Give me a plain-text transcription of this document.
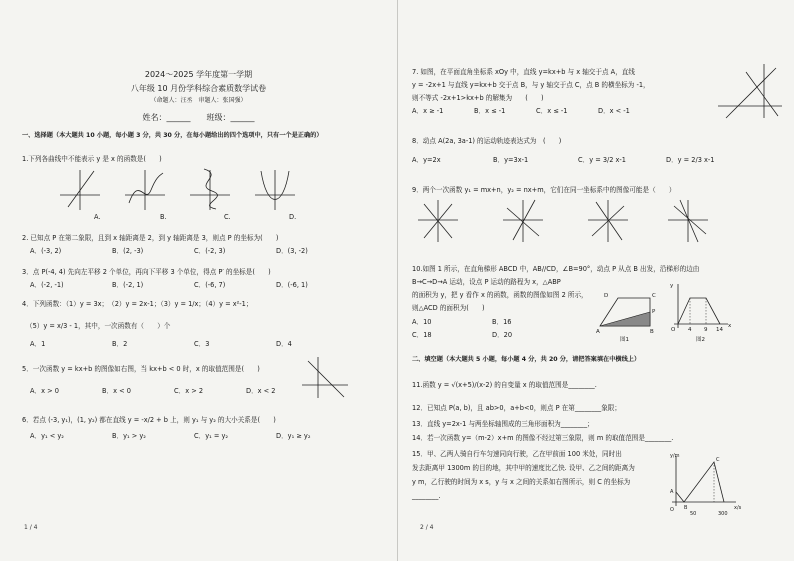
2024～2025 学年度第一学期
八年级 10 月份学科综合素质数学试卷
（命题人：汪丞　审题人：张国强）
姓名：______　　班级：______
一、选择题（本大题共 10 小题，每小题 3 分，共 30 分，在每小题给出的四个选项中，只有一个是正确的）
1.下列各曲线中不能表示 y 是 x 的函数是(　　)
A.	B.	C.	D.
2. 已知点 P 在第二象限，且到 x 轴距离是 2，到 y 轴距离是 3，则点 P 的坐标为(　　)
A．(-3, 2)	B．(2, -3)	C．(-2, 3)	D．(3, -2)
3．点 P(-4, 4) 先向左平移 2 个单位，再向下平移 3 个单位，得点 P′ 的坐标是(　　)
A．(-2, -1)	B．(-2, 1)	C．(-6, 7)	D．(-6, 1)
4．下列函数：（1）y = 3x；　（2）y = 2x-1；（3）y = 1/x；（4）y = x²-1；
（5）y = x/3 - 1，其中，一次函数有（　　）个
A．1	B．2	C．3	D．4
5．一次函数 y = kx+b 的图像如右图，当 kx+b < 0 时，x 的取值范围是(　　)
A．x > 0	B．x < 0	C．x > 2	D．x < 2
6．若点 (-3, y₁)，(1, y₂) 都在直线 y = -x/2 + b 上，则 y₁ 与 y₂ 的大小关系是(　　)
A．y₁ < y₂	B．y₁ > y₂	C．y₁ = y₂	D．y₁ ≥ y₂
1 / 4
7. 如图，在平面直角坐标系 xOy 中，直线 y=kx+b 与 x 轴交于点 A，直线
y = -2x+1 与直线 y=kx+b 交于点 B，与 y 轴交于点 C，点 B 的横坐标为 -1，
则不等式 -2x+1>kx+b 的解集为　　(　　)
A．x ≥ -1	B．x ≤ -1	C．x ≤ -1	D．x < -1
8．动点 A(2a, 3a-1) 的运动轨迹表达式为　(　　)
A．y=2x	B．y=3x-1	C．y = 3/2 x-1	D．y = 2/3 x-1
9．两个一次函数 y₁ = mx+n，y₂ = nx+m，它们在同一坐标系中的图像可能是（　　）
10.如图 1 所示，在直角梯形 ABCD 中，AB//CD，∠B=90°，动点 P 从点 B 出发，沿梯形的边由
B→C→D→A 运动，设点 P 运动的路程为 x，△ABP
的面积为 y，把 y 看作 x 的函数，函数的图像如图 2 所示，
则△ACD 的面积为(　　)
A．10	B．16
C．18	D．20
D	C
P
A	B
图1
y
O 4 9 14
x
图2
二、填空题（本大题共 5 小题，每小题 4 分，共 20 分，请把答案填在中横线上）
11.函数 y = √(x+5)/(x-2) 的自变量 x 的取值范围是________.
12．已知点 P(a, b)，且 ab>0，a+b<0，则点 P 在第________象限；
13．直线 y=2x-1 与两坐标轴围成的三角形面积为________；
14．若一次函数 y=（m-2）x+m 的图像不经过第三象限，则 m 的取值范围是________.
15．甲、乙两人骑自行车匀速同向行驶，乙在甲前面 100 米处，同时出
发去距离甲 1300m 的目的地，其中甲的速度比乙快. 设甲、乙之间的距离为
y m，乙行驶的时间为 x s，y 与 x 之间的关系如右图所示，则 C 的坐标为
________.
y/m
C
A
B
O
50	300
x/s
2 / 4
